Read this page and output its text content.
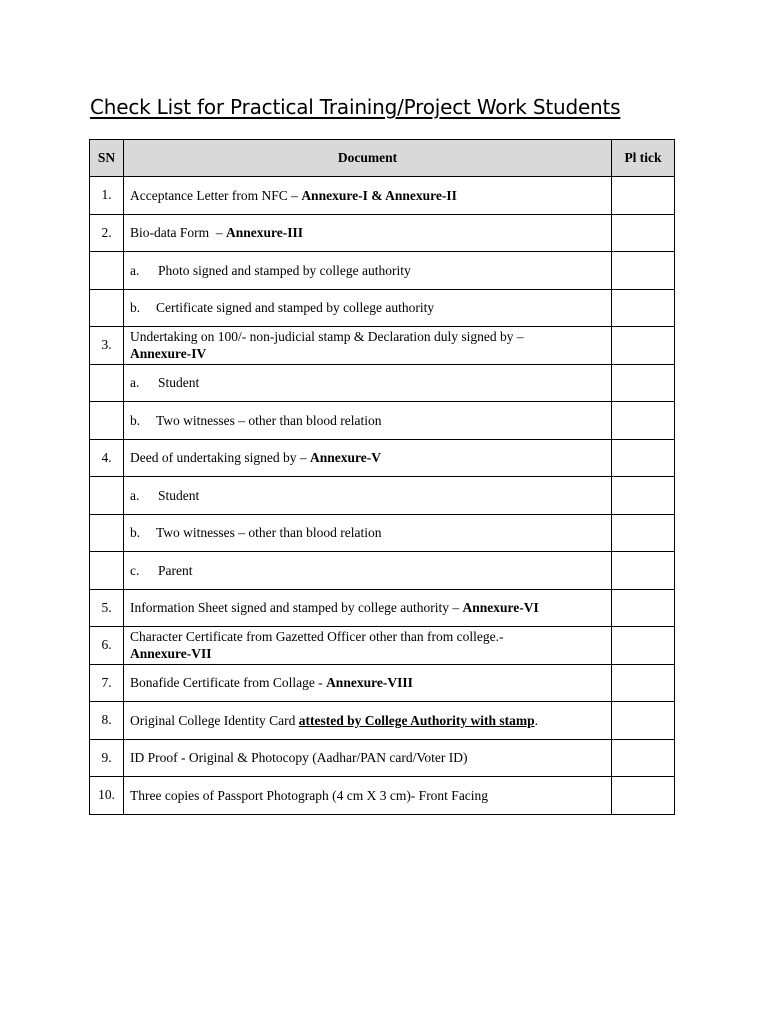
Check List for Practical Training/Project Work Students
SN	Document	Pl tick
1.	Acceptance Letter from NFC – Annexure-I & Annexure-II	
2.	Bio-data Form  – Annexure-III	
	a. Photo signed and stamped by college authority	
	b. Certificate signed and stamped by college authority	
3.	Undertaking on 100/- non-judicial stamp & Declaration duly signed by –
Annexure-IV	
	a. Student	
	b. Two witnesses – other than blood relation	
4.	Deed of undertaking signed by – Annexure-V	
	a. Student	
	b. Two witnesses – other than blood relation	
	c. Parent	
5.	Information Sheet signed and stamped by college authority – Annexure-VI	
6.	Character Certificate from Gazetted Officer other than from college.-
Annexure-VII	
7.	Bonafide Certificate from Collage - Annexure-VIII	
8.	Original College Identity Card attested by College Authority with stamp.	
9.	ID Proof - Original & Photocopy (Aadhar/PAN card/Voter ID)	
10.	Three copies of Passport Photograph (4 cm X 3 cm)- Front Facing	
